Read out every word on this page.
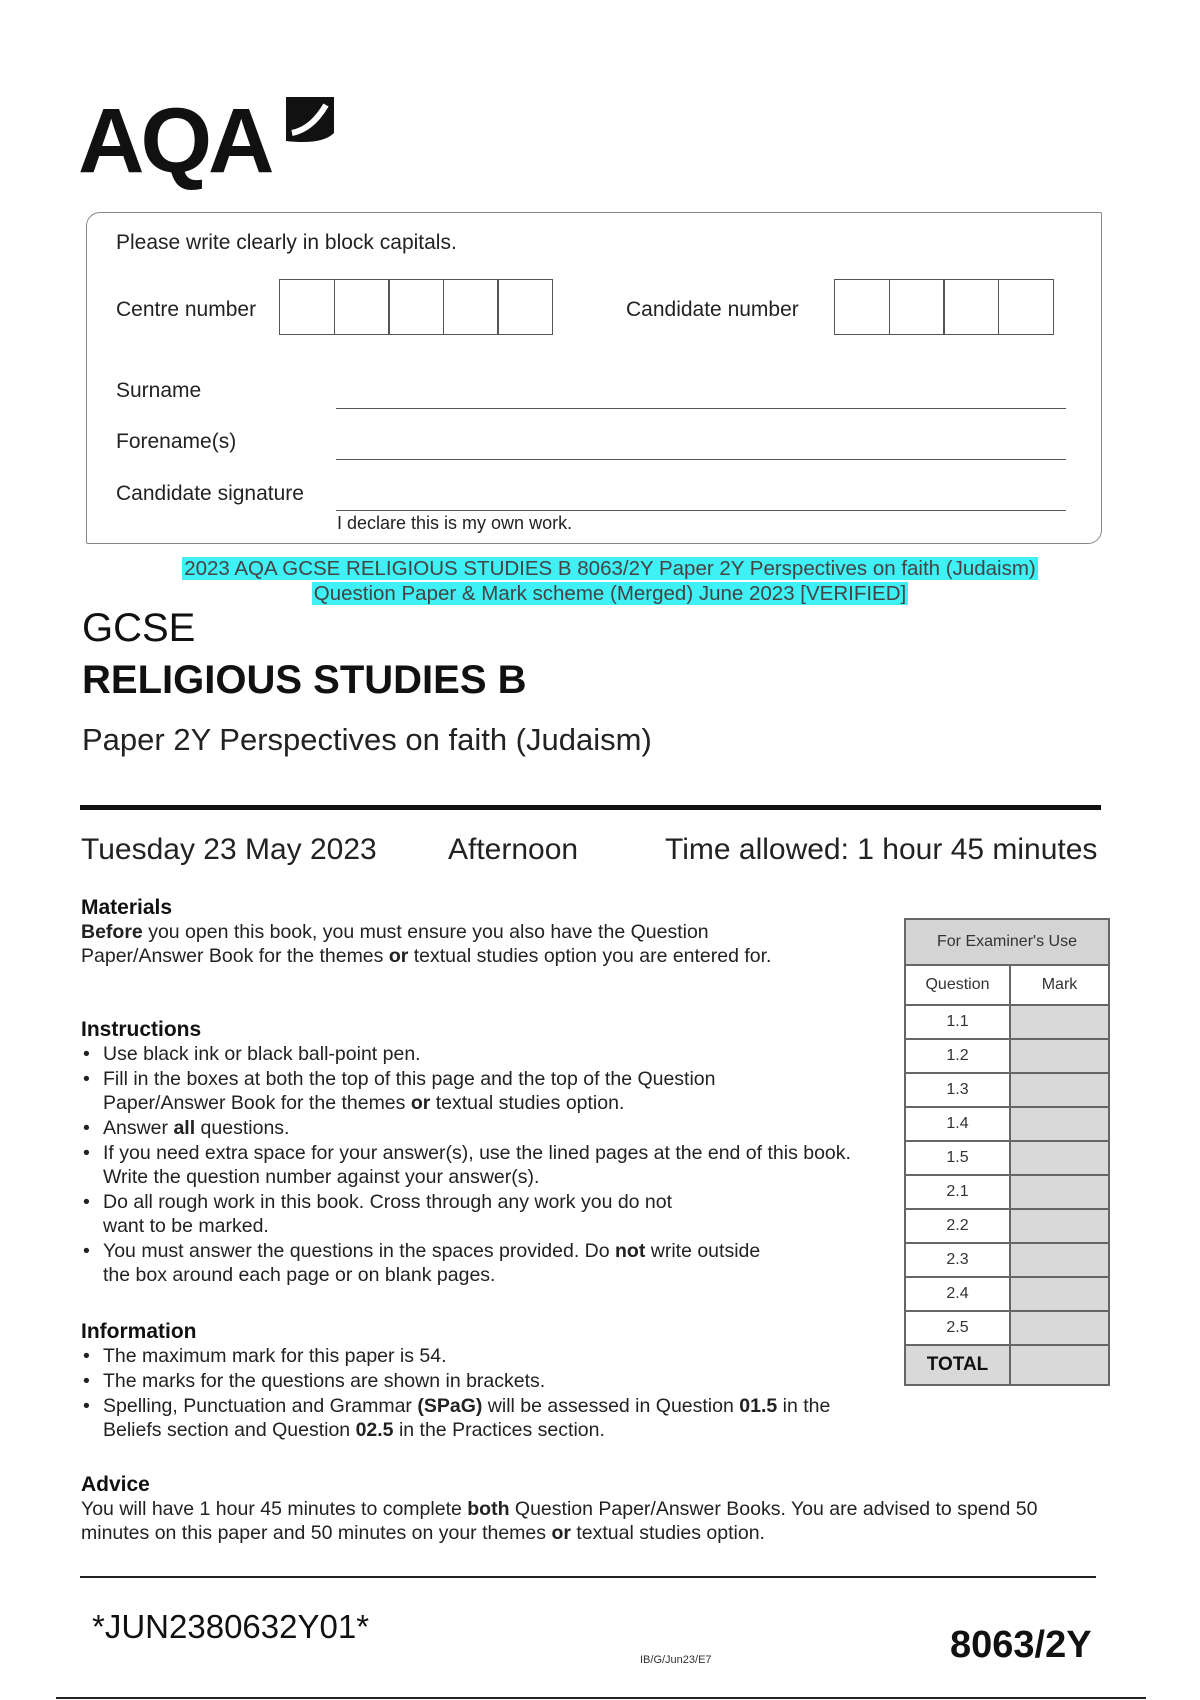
AQA
Please write clearly in block capitals.
Centre number	Candidate number
Surname
Forename(s)
Candidate signature
I declare this is my own work.
2023 AQA GCSE RELIGIOUS STUDIES B 8063/2Y Paper 2Y Perspectives on faith (Judaism)
Question Paper & Mark scheme (Merged) June 2023 [VERIFIED]
GCSE
RELIGIOUS STUDIES B
Paper 2Y Perspectives on faith (Judaism)
Tuesday 23 May 2023 Afternoon	Time allowed: 1 hour 45 minutes
Materials
Before you open this book, you must ensure you also have the Question Paper/Answer Book for the themes or textual studies option you are entered for.
Instructions
• Use black ink or black ball-point pen.
• Fill in the boxes at both the top of this page and the top of the Question Paper/Answer Book for the themes or textual studies option.
• Answer all questions.
• If you need extra space for your answer(s), use the lined pages at the end of this book. Write the question number against your answer(s).
• Do all rough work in this book. Cross through any work you do not want to be marked.
• You must answer the questions in the spaces provided. Do not write outside the box around each page or on blank pages.
Information
• The maximum mark for this paper is 54.
• The marks for the questions are shown in brackets.
• Spelling, Punctuation and Grammar (SPaG) will be assessed in Question 01.5 in the Beliefs section and Question 02.5 in the Practices section.
Advice
You will have 1 hour 45 minutes to complete both Question Paper/Answer Books. You are advised to spend 50 minutes on this paper and 50 minutes on your themes or textual studies option.
For Examiner's Use	
Question	Mark
1.1	
1.2	
1.3	
1.4	
1.5	
2.1	
2.2	
2.3	
2.4	
2.5	
TOTAL	
*JUN2380632Y01*
IB/G/Jun23/E7	8063/2Y
